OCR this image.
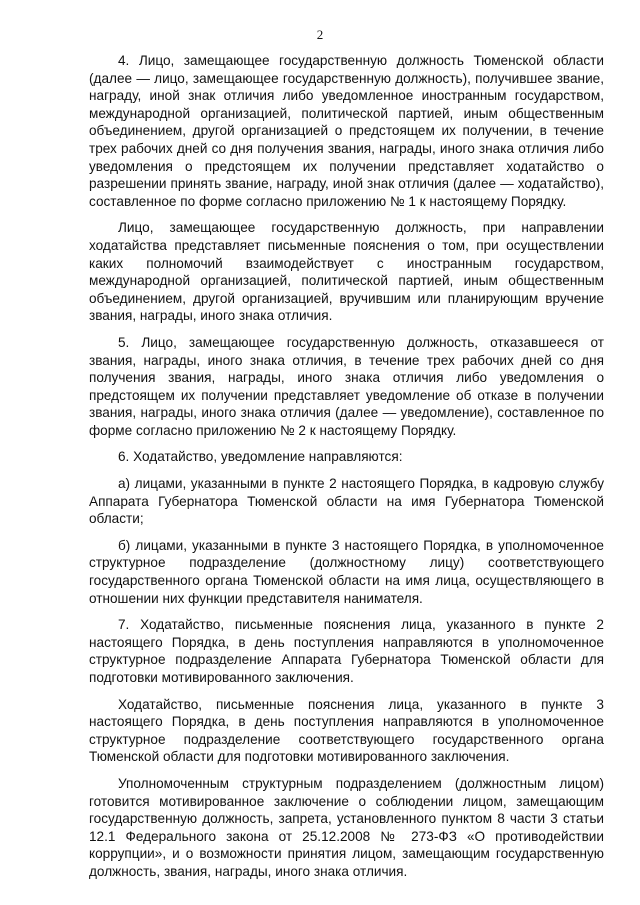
2

4. Лицо, замещающее государственную должность Тюменской области (далее — лицо, замещающее государственную должность), получившее звание, награду, иной знак отличия либо уведомленное иностранным государством, международной организацией, политической партией, иным общественным объединением, другой организацией о предстоящем их получении, в течение трех рабочих дней со дня получения звания, награды, иного знака отличия либо уведомления о предстоящем их получении представляет ходатайство о разрешении принять звание, награду, иной знак отличия (далее — ходатайство), составленное по форме согласно приложению № 1 к настоящему Порядку.

Лицо, замещающее государственную должность, при направлении ходатайства представляет письменные пояснения о том, при осуществлении каких полномочий взаимодействует с иностранным государством, международной организацией, политической партией, иным общественным объединением, другой организацией, вручившим или планирующим вручение звания, награды, иного знака отличия.

5. Лицо, замещающее государственную должность, отказавшееся от звания, награды, иного знака отличия, в течение трех рабочих дней со дня получения звания, награды, иного знака отличия либо уведомления о предстоящем их получении представляет уведомление об отказе в получении звания, награды, иного знака отличия (далее — уведомление), составленное по форме согласно приложению № 2 к настоящему Порядку.

6. Ходатайство, уведомление направляются:

а) лицами, указанными в пункте 2 настоящего Порядка, в кадровую службу Аппарата Губернатора Тюменской области на имя Губернатора Тюменской области;

б) лицами, указанными в пункте 3 настоящего Порядка, в уполномоченное структурное подразделение (должностному лицу) соответствующего государственного органа Тюменской области на имя лица, осуществляющего в отношении них функции представителя нанимателя.

7. Ходатайство, письменные пояснения лица, указанного в пункте 2 настоящего Порядка, в день поступления направляются в уполномоченное структурное подразделение Аппарата Губернатора Тюменской области для подготовки мотивированного заключения.

Ходатайство, письменные пояснения лица, указанного в пункте 3 настоящего Порядка, в день поступления направляются в уполномоченное структурное подразделение соответствующего государственного органа Тюменской области для подготовки мотивированного заключения.

Уполномоченным структурным подразделением (должностным лицом) готовится мотивированное заключение о соблюдении лицом, замещающим государственную должность, запрета, установленного пунктом 8 части 3 статьи 12.1 Федерального закона от 25.12.2008 № 273-ФЗ «О противодействии коррупции», и о возможности принятия лицом, замещающим государственную должность, звания, награды, иного знака отличия.
